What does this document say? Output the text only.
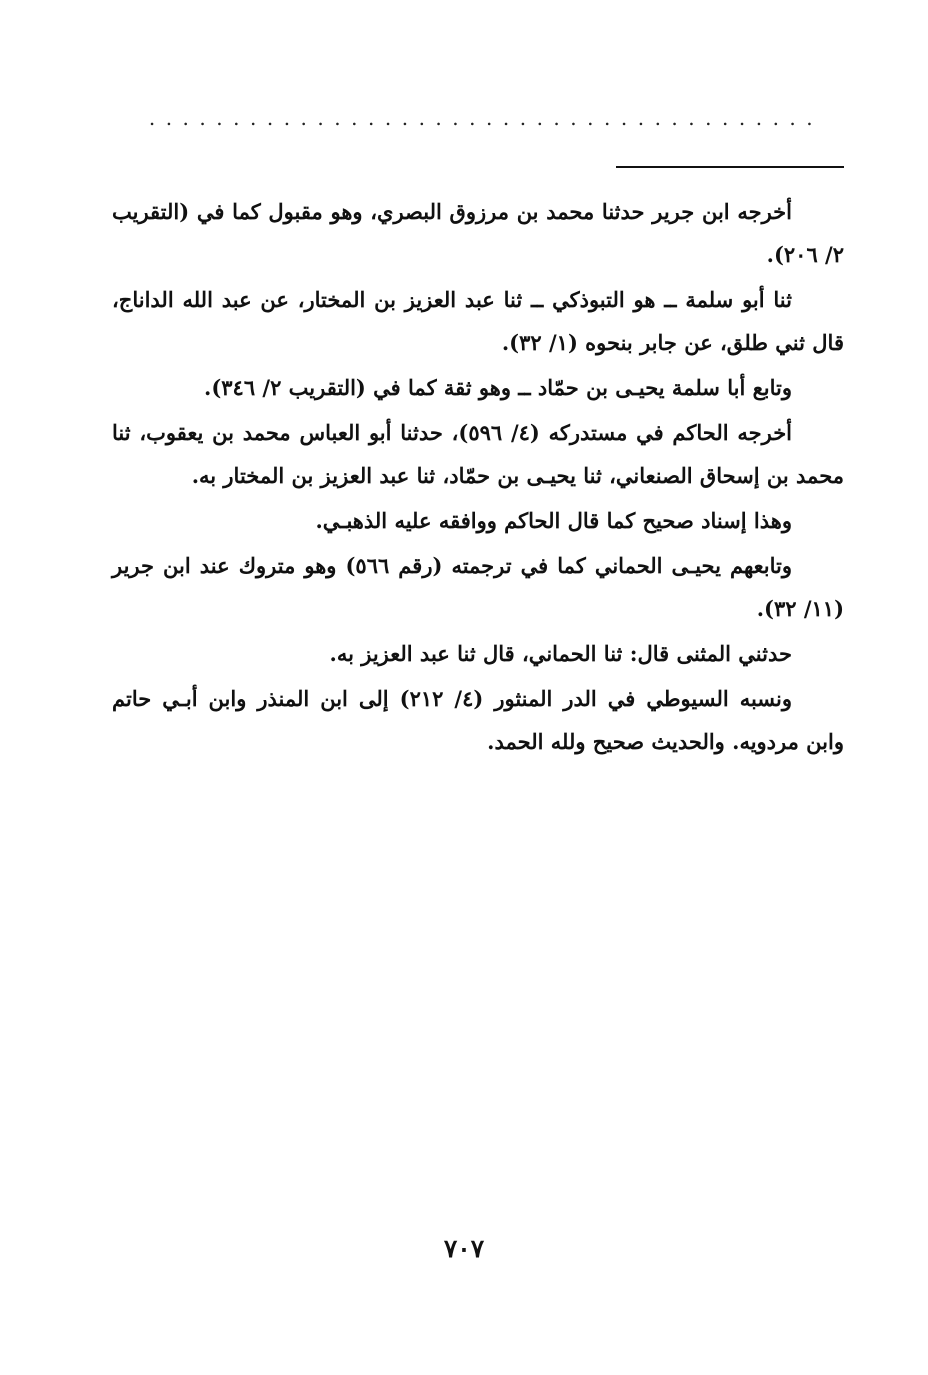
........................................

أخرجه ابن جرير حدثنا محمد بن مرزوق البصري، وهو مقبول كما في (التقريب ٢/ ٢٠٦).

ثنا أبو سلمة ــ هو التبوذكي ــ ثنا عبد العزيز بن المختار، عن عبد الله الداناج، قال ثني طلق، عن جابر بنحوه (١/ ٣٢).

وتابع أبا سلمة يحيـى بن حمّاد ــ وهو ثقة كما في (التقريب ٢/ ٣٤٦).

أخرجه الحاكم في مستدركه (٤/ ٥٩٦)، حدثنا أبو العباس محمد بن يعقوب، ثنا محمد بن إسحاق الصنعاني، ثنا يحيـى بن حمّاد، ثنا عبد العزيز بن المختار به.

وهذا إسناد صحيح كما قال الحاكم ووافقه عليه الذهبـي.

وتابعهم يحيـى الحماني كما في ترجمته (رقم ٥٦٦) وهو متروك عند ابن جرير (١١/ ٣٢).

حدثني المثنى قال: ثنا الحماني، قال ثنا عبد العزيز به.

ونسبه السيوطي في الدر المنثور (٤/ ٢١٢) إلى ابن المنذر وابن أبـي حاتم وابن مردويه. والحديث صحيح ولله الحمد.

٧٠٧
